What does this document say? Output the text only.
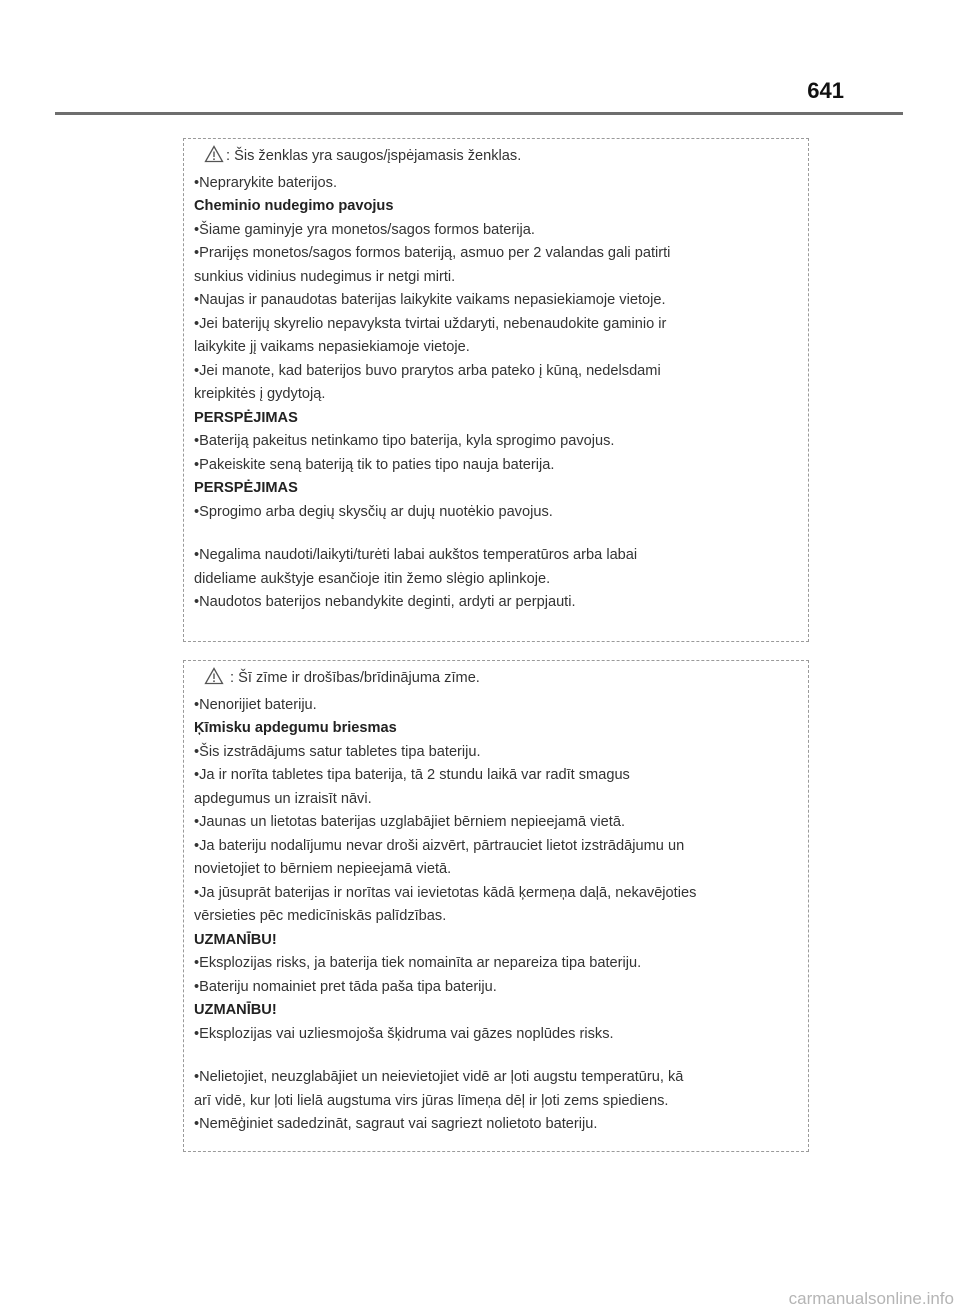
641
: Šis ženklas yra saugos/įspėjamasis ženklas.
•Neprarykite baterijos.
Cheminio nudegimo pavojus
•Šiame gaminyje yra monetos/sagos formos baterija.
•Prarijęs monetos/sagos formos bateriją, asmuo per 2 valandas gali patirti
sunkius vidinius nudegimus ir netgi mirti.
•Naujas ir panaudotas baterijas laikykite vaikams nepasiekiamoje vietoje.
•Jei baterijų skyrelio nepavyksta tvirtai uždaryti, nebenaudokite gaminio ir
laikykite jį vaikams nepasiekiamoje vietoje.
•Jei manote, kad baterijos buvo prarytos arba pateko į kūną, nedelsdami
kreipkitės į gydytoją.
PERSPĖJIMAS
•Bateriją pakeitus netinkamo tipo baterija, kyla sprogimo pavojus.
•Pakeiskite seną bateriją tik to paties tipo nauja baterija.
PERSPĖJIMAS
•Sprogimo arba degių skysčių ar dujų nuotėkio pavojus.
•Negalima naudoti/laikyti/turėti labai aukštos temperatūros arba labai
dideliame aukštyje esančioje itin žemo slėgio aplinkoje.
•Naudotos baterijos nebandykite deginti, ardyti ar perpjauti.
: Šī zīme ir drošības/brīdinājuma zīme.
•Nenorijiet bateriju.
Ķīmisku apdegumu briesmas
•Šis izstrādājums satur tabletes tipa bateriju.
•Ja ir norīta tabletes tipa baterija, tā 2 stundu laikā var radīt smagus
apdegumus un izraisīt nāvi.
•Jaunas un lietotas baterijas uzglabājiet bērniem nepieejamā vietā.
•Ja bateriju nodalījumu nevar droši aizvērt, pārtrauciet lietot izstrādājumu un
novietojiet to bērniem nepieejamā vietā.
•Ja jūsuprāt baterijas ir norītas vai ievietotas kādā ķermeņa daļā, nekavējoties
vērsieties pēc medicīniskās palīdzības.
UZMANĪBU!
•Eksplozijas risks, ja baterija tiek nomainīta ar nepareiza tipa bateriju.
•Bateriju nomainiet pret tāda paša tipa bateriju.
UZMANĪBU!
•Eksplozijas vai uzliesmojoša šķidruma vai gāzes noplūdes risks.
•Nelietojiet, neuzglabājiet un neievietojiet vidē ar ļoti augstu temperatūru, kā
arī vidē, kur ļoti lielā augstuma virs jūras līmeņa dēļ ir ļoti zems spiediens.
•Nemēģiniet sadedzināt, sagraut vai sagriezt nolietoto bateriju.
carmanualsonline.info
